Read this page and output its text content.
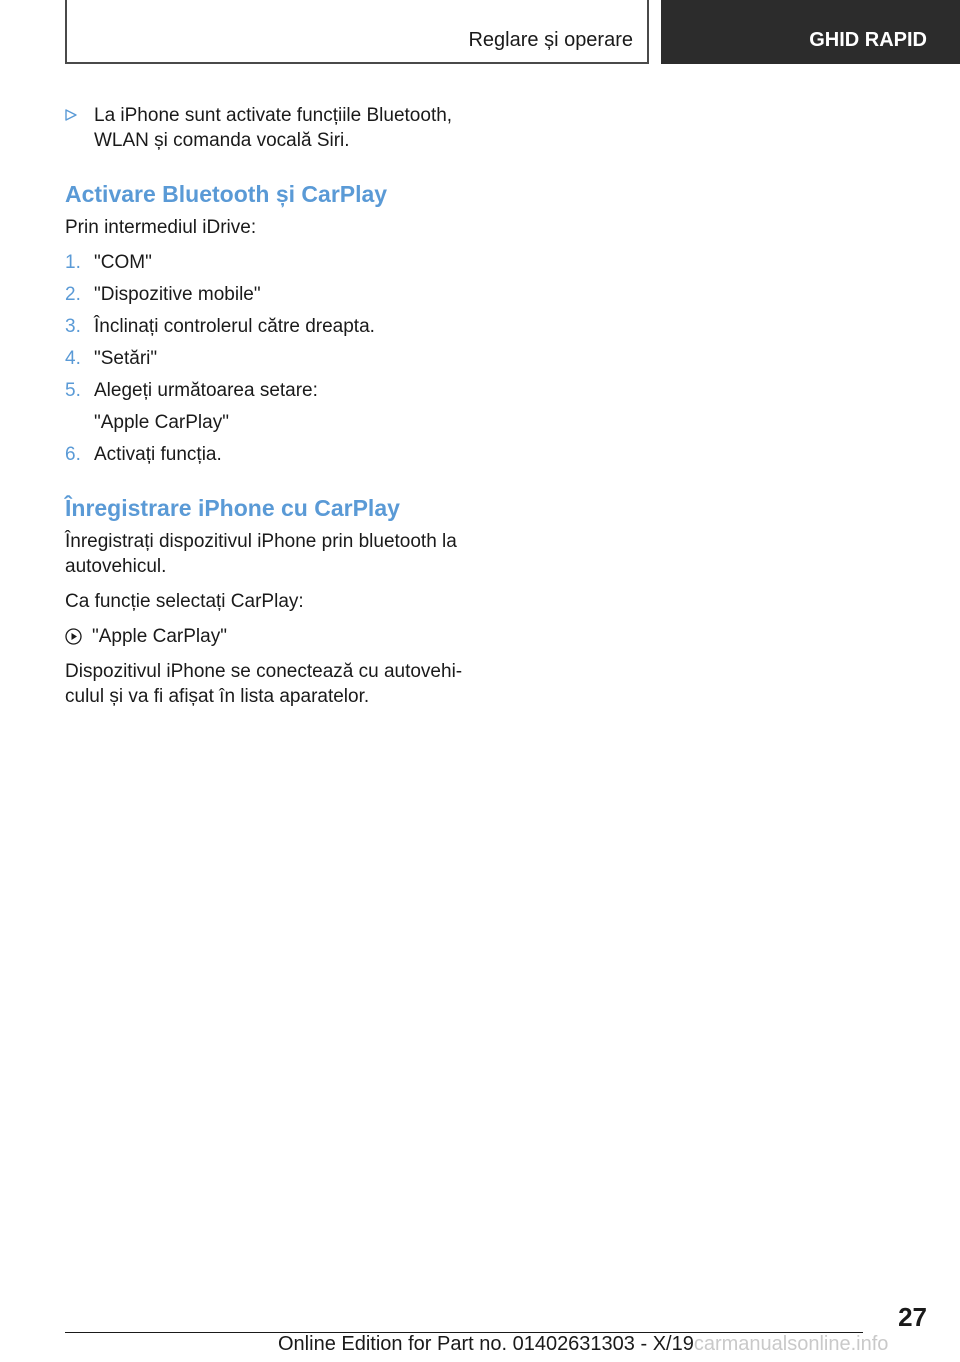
Reglare și operare	GHID RAPID
La iPhone sunt activate funcțiile Bluetooth, WLAN și comanda vocală Siri.
Activare Bluetooth și CarPlay

Prin intermediul iDrive:

1. "COM"
2. "Dispozitive mobile"
3. Înclinați controlerul către dreapta.
4. "Setări"
5. Alegeți următoarea setare:
"Apple CarPlay"
6. Activați funcția.
Înregistrare iPhone cu CarPlay

Înregistrați dispozitivul iPhone prin bluetooth la autovehicul.

Ca funcție selectați CarPlay:

"Apple CarPlay"

Dispozitivul iPhone se conectează cu autovehi-culul și va fi afișat în lista aparatelor.

27
Online Edition for Part no. 01402631303 - X/19carmanualsonline.info
